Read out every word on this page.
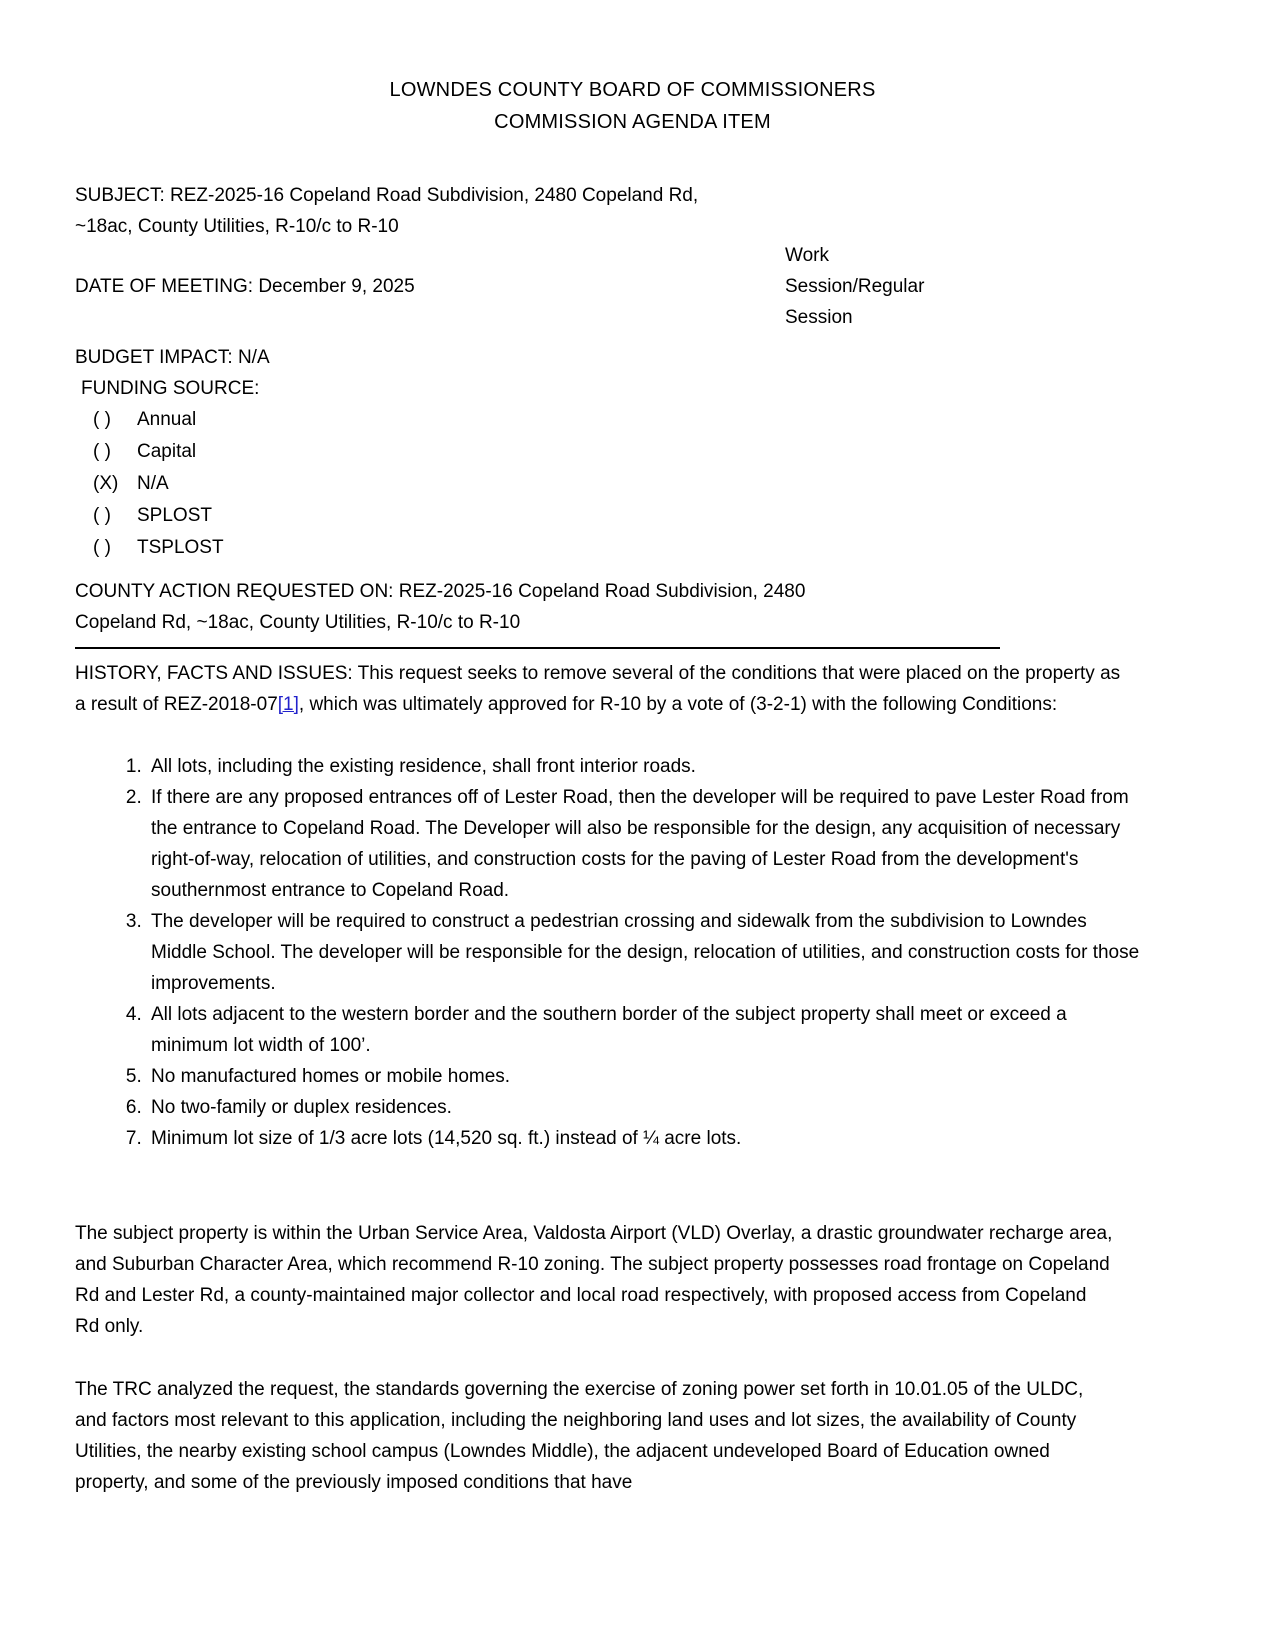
LOWNDES COUNTY BOARD OF COMMISSIONERS
COMMISSION AGENDA ITEM

SUBJECT: REZ-2025-16 Copeland Road Subdivision, 2480 Copeland Rd, ~18ac, County Utilities, R-10/c to R-10

DATE OF MEETING: December 9, 2025

Work
Session/Regular
Session

BUDGET IMPACT: N/A

FUNDING SOURCE:

( ) Annual
( ) Capital
(X) N/A
( ) SPLOST
( ) TSPLOST

COUNTY ACTION REQUESTED ON: REZ-2025-16 Copeland Road Subdivision, 2480 Copeland Rd, ~18ac, County Utilities, R-10/c to R-10

HISTORY, FACTS AND ISSUES: This request seeks to remove several of the conditions that were placed on the property as a result of REZ-2018-07[1], which was ultimately approved for R-10 by a vote of (3-2-1) with the following Conditions:

1. All lots, including the existing residence, shall front interior roads.
2. If there are any proposed entrances off of Lester Road, then the developer will be required to pave Lester Road from the entrance to Copeland Road. The Developer will also be responsible for the design, any acquisition of necessary right-of-way, relocation of utilities, and construction costs for the paving of Lester Road from the development's southernmost entrance to Copeland Road.
3. The developer will be required to construct a pedestrian crossing and sidewalk from the subdivision to Lowndes Middle School. The developer will be responsible for the design, relocation of utilities, and construction costs for those improvements.
4. All lots adjacent to the western border and the southern border of the subject property shall meet or exceed a minimum lot width of 100’.
5. No manufactured homes or mobile homes.
6. No two-family or duplex residences.
7. Minimum lot size of 1/3 acre lots (14,520 sq. ft.) instead of ¼ acre lots.

The subject property is within the Urban Service Area, Valdosta Airport (VLD) Overlay, a drastic groundwater recharge area, and Suburban Character Area, which recommend R-10 zoning. The subject property possesses road frontage on Copeland Rd and Lester Rd, a county-maintained major collector and local road respectively, with proposed access from Copeland Rd only.

The TRC analyzed the request, the standards governing the exercise of zoning power set forth in 10.01.05 of the ULDC, and factors most relevant to this application, including the neighboring land uses and lot sizes, the availability of County Utilities, the nearby existing school campus (Lowndes Middle), the adjacent undeveloped Board of Education owned property, and some of the previously imposed conditions that have
